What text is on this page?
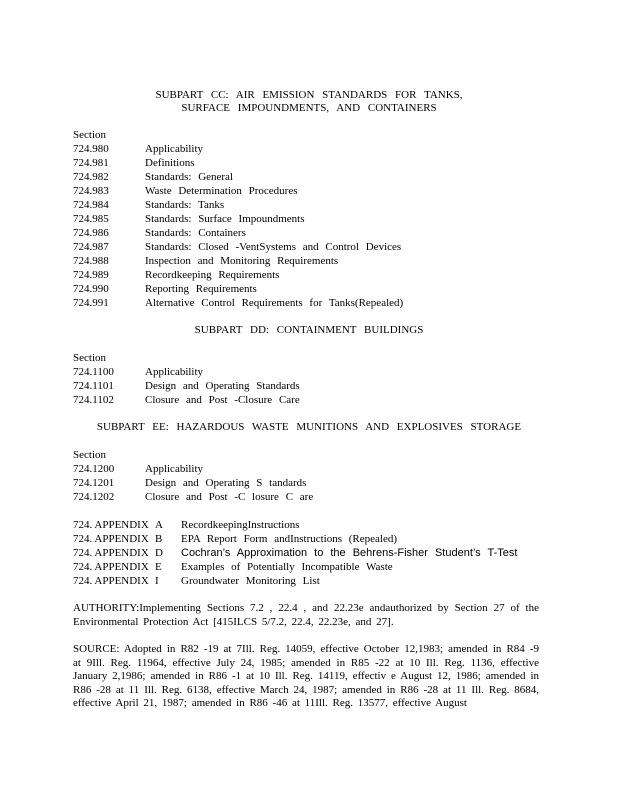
SUBPART CC: AIR EMISSION STANDARDS FOR TANKS,
SURFACE IMPOUNDMENTS, AND CONTAINERS
Section
724.980	Applicability
724.981	Definitions
724.982	Standards: General
724.983	Waste Determination Procedures
724.984	Standards: Tanks
724.985	Standards: Surface Impoundments
724.986	Standards: Containers
724.987	Standards: Closed -VentSystems and Control Devices
724.988	Inspection and Monitoring Requirements
724.989	Recordkeeping Requirements
724.990	Reporting Requirements
724.991	Alternative Control Requirements for Tanks(Repealed)
SUBPART DD: CONTAINMENT BUILDINGS
Section
724.1100	Applicability
724.1101	Design and Operating Standards
724.1102	Closure and Post -Closure Care
SUBPART EE: HAZARDOUS WASTE MUNITIONS AND EXPLOSIVES STORAGE
Section
724.1200	Applicability
724.1201	Design and Operating S tandards
724.1202	Closure and Post -C losure C are
724. APPENDIX A RecordkeepingInstructions
724. APPENDIX B EPA Report Form andInstructions (Repealed)
724. APPENDIX D Cochran’s Approximation to the Behrens-Fisher Student’s T-Test
724. APPENDIX E Examples of Potentially Incompatible Waste
724. APPENDIX I Groundwater Monitoring List
AUTHORITY:Implementing Sections 7.2 , 22.4 , and 22.23e andauthorized by Section 27 of the Environmental Protection Act [415ILCS 5/7.2, 22.4, 22.23e, and 27].
SOURCE: Adopted in R82 -19 at 7Ill. Reg. 14059, effective October 12,1983; amended in R84 -9 at 9Ill. Reg. 11964, effective July 24, 1985; amended in R85 -22 at 10 Ill. Reg. 1136, effective January 2,1986; amended in R86 -1 at 10 Ill. Reg. 14119, effectiv e August 12, 1986; amended in R86 -28 at 11 Ill. Reg. 6138, effective March 24, 1987; amended in R86 -28 at 11 Ill. Reg. 8684, effective April 21, 1987; amended in R86 -46 at 11Ill. Reg. 13577, effective August
